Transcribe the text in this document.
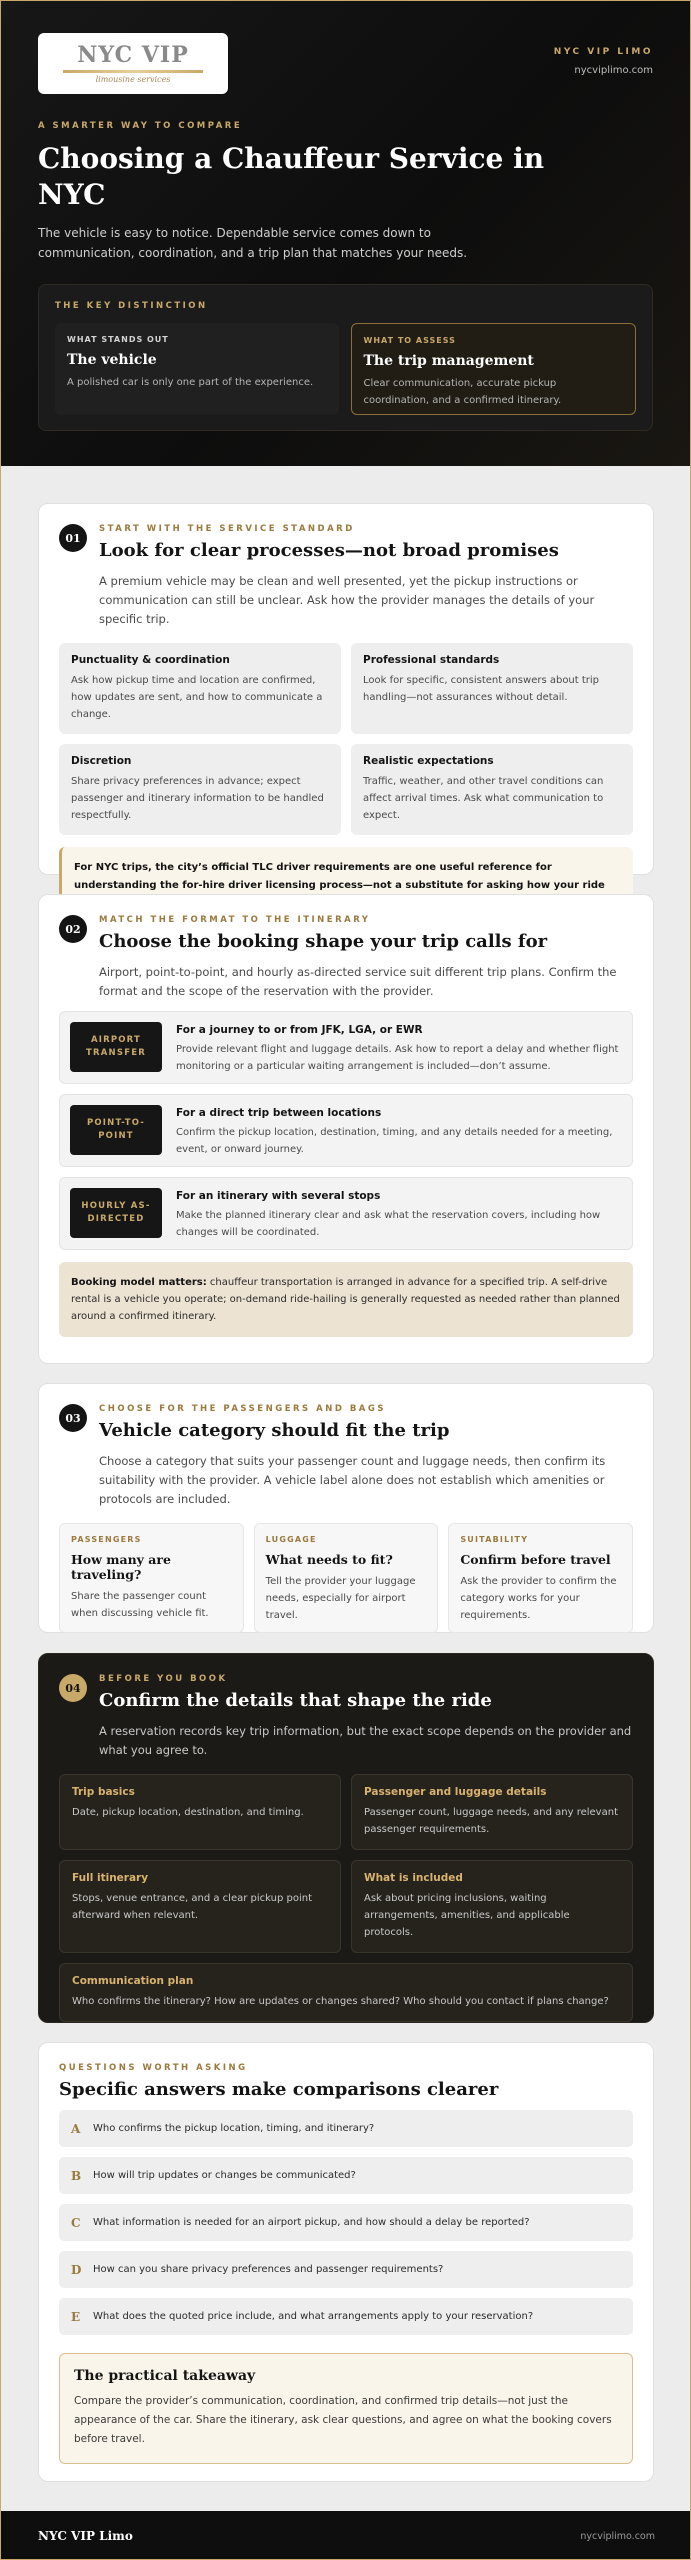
NYC VIP
limousine services
NYC VIP LIMO
nycviplimo.com
A SMARTER WAY TO COMPARE
Choosing a Chauffeur Service in NYC

The vehicle is easy to notice. Dependable service comes down to communication, coordination, and a trip plan that matches your needs.

THE KEY DISTINCTION
WHAT STANDS OUT
The vehicle
A polished car is only one part of the experience.
WHAT TO ASSESS
The trip management
Clear communication, accurate pickup coordination, and a confirmed itinerary.
01
START WITH THE SERVICE STANDARD
Look for clear processes—not broad promises

A premium vehicle may be clean and well presented, yet the pickup instructions or communication can still be unclear. Ask how the provider manages the details of your specific trip.

Punctuality & coordination
Ask how pickup time and location are confirmed, how updates are sent, and how to communicate a change.
Professional standards
Look for specific, consistent answers about trip handling—not assurances without detail.
Discretion
Share privacy preferences in advance; expect passenger and itinerary information to be handled respectfully.
Realistic expectations
Traffic, weather, and other travel conditions can affect arrival times. Ask what communication to expect.
For NYC trips, the city’s official TLC driver requirements are one useful reference for understanding the for-hire driver licensing process—not a substitute for asking how your ride
02
MATCH THE FORMAT TO THE ITINERARY
Choose the booking shape your trip calls for

Airport, point-to-point, and hourly as-directed service suit different trip plans. Confirm the format and the scope of the reservation with the provider.

AIRPORT TRANSFER
For a journey to or from JFK, LGA, or EWR
Provide relevant flight and luggage details. Ask how to report a delay and whether flight monitoring or a particular waiting arrangement is included—don’t assume.
POINT-TO-POINT
For a direct trip between locations
Confirm the pickup location, destination, timing, and any details needed for a meeting, event, or onward journey.
HOURLY AS-DIRECTED
For an itinerary with several stops
Make the planned itinerary clear and ask what the reservation covers, including how changes will be coordinated.
Booking model matters: chauffeur transportation is arranged in advance for a specified trip. A self-drive rental is a vehicle you operate; on-demand ride-hailing is generally requested as needed rather than planned around a confirmed itinerary.
03
CHOOSE FOR THE PASSENGERS AND BAGS
Vehicle category should fit the trip

Choose a category that suits your passenger count and luggage needs, then confirm its suitability with the provider. A vehicle label alone does not establish which amenities or protocols are included.

PASSENGERS
How many are traveling?
Share the passenger count when discussing vehicle fit.
LUGGAGE
What needs to fit?
Tell the provider your luggage needs, especially for airport travel.
SUITABILITY
Confirm before travel
Ask the provider to confirm the category works for your requirements.
04
BEFORE YOU BOOK
Confirm the details that shape the ride

A reservation records key trip information, but the exact scope depends on the provider and what you agree to.

Trip basics
Date, pickup location, destination, and timing.
Passenger and luggage details
Passenger count, luggage needs, and any relevant passenger requirements.
Full itinerary
Stops, venue entrance, and a clear pickup point afterward when relevant.
What is included
Ask about pricing inclusions, waiting arrangements, amenities, and applicable protocols.
Communication plan
Who confirms the itinerary? How are updates or changes shared? Who should you contact if plans change?
QUESTIONS WORTH ASKING
Specific answers make comparisons clearer
A Who confirms the pickup location, timing, and itinerary?
B How will trip updates or changes be communicated?
C What information is needed for an airport pickup, and how should a delay be reported?
D How can you share privacy preferences and passenger requirements?
E What does the quoted price include, and what arrangements apply to your reservation?
The practical takeaway
Compare the provider’s communication, coordination, and confirmed trip details—not just the appearance of the car. Share the itinerary, ask clear questions, and agree on what the booking covers before travel.
NYC VIP Limo	nycviplimo.com
